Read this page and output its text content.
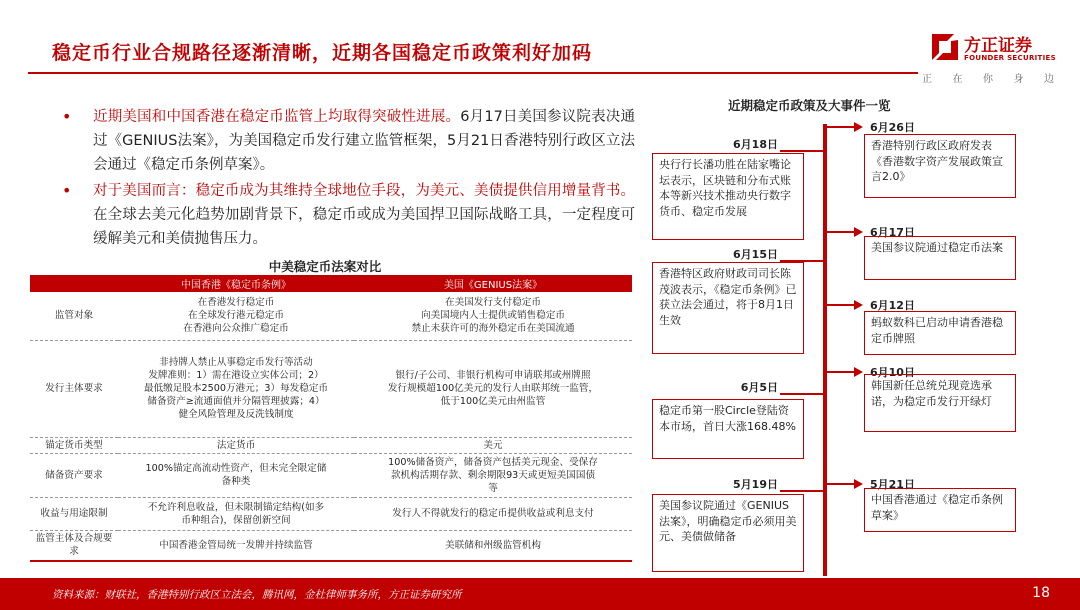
稳定币行业合规路径逐渐清晰，近期各国稳定币政策利好加码	方正证券
FOUNDER SECURITIES
正 在 你 身 边
• 近期美国和中国香港在稳定币监管上均取得突破性进展。6月17日美国参议院表决通过《GENIUS法案》，为美国稳定币发行建立监管框架，5月21日香港特别行政区立法会通过《稳定币条例草案》。
• 对于美国而言：稳定币成为其维持全球地位手段，为美元、美债提供信用增量背书。在全球去美元化趋势加剧背景下，稳定币或成为美国捍卫国际战略工具，一定程度可缓解美元和美债抛售压力。
中美稳定币法案对比
	中国香港《稳定币条例》	美国《GENIUS法案》
监管对象	在香港发行稳定币
在全球发行港元稳定币
在香港向公众推广稳定币	在美国发行支付稳定币
向美国境内人士提供或销售稳定币
禁止未获许可的海外稳定币在美国流通

发行主体要求	非持牌人禁止从事稳定币发行等活动
发牌准则：1）需在港设立实体公司；2）
最低缴足股本2500万港元；3）每发稳定币
储备资产≥流通面值并分隔管理披露；4）
健全风险管理及反洗钱制度	银行/子公司、非银行机构可申请联邦或州牌照
发行规模超100亿美元的发行人由联邦统一监管，
低于100亿美元由州监管

锚定货币类型	法定货币	美元

储备资产要求	100%锚定高流动性资产，但未完全限定储
备种类	100%储备资产，储备资产包括美元现金、受保存
款机构活期存款、剩余期限93天或更短美国国债
等

收益与用途限制	不允许利息收益，但未限制锚定结构(如多
币种组合)，保留创新空间	发行人不得就发行的稳定币提供收益或利息支付

监管主体及合规要求	中国香港金管局统一发牌并持续监管	美联储和州级监管机构
近期稳定币政策及大事件一览
6月26日
香港特别行政区政府发表《香港数字资产发展政策宣言2.0》
6月18日
央行行长潘功胜在陆家嘴论坛表示，区块链和分布式账本等新兴技术推动央行数字货币、稳定币发展
6月17日
美国参议院通过稳定币法案
6月15日
香港特区政府财政司司长陈茂波表示，《稳定币条例》已获立法会通过，将于8月1日生效
6月12日
蚂蚁数科已启动申请香港稳定币牌照
6月10日
韩国新任总统兑现竞选承诺，为稳定币发行开绿灯
6月5日
稳定币第一股Circle登陆资本市场，首日大涨168.48%
5月21日
中国香港通过《稳定币条例草案》
5月19日
美国参议院通过《GENIUS法案》，明确稳定币必须用美元、美债做储备
资料来源：财联社，香港特别行政区立法会，腾讯网，金杜律师事务所，方正证券研究所	18
